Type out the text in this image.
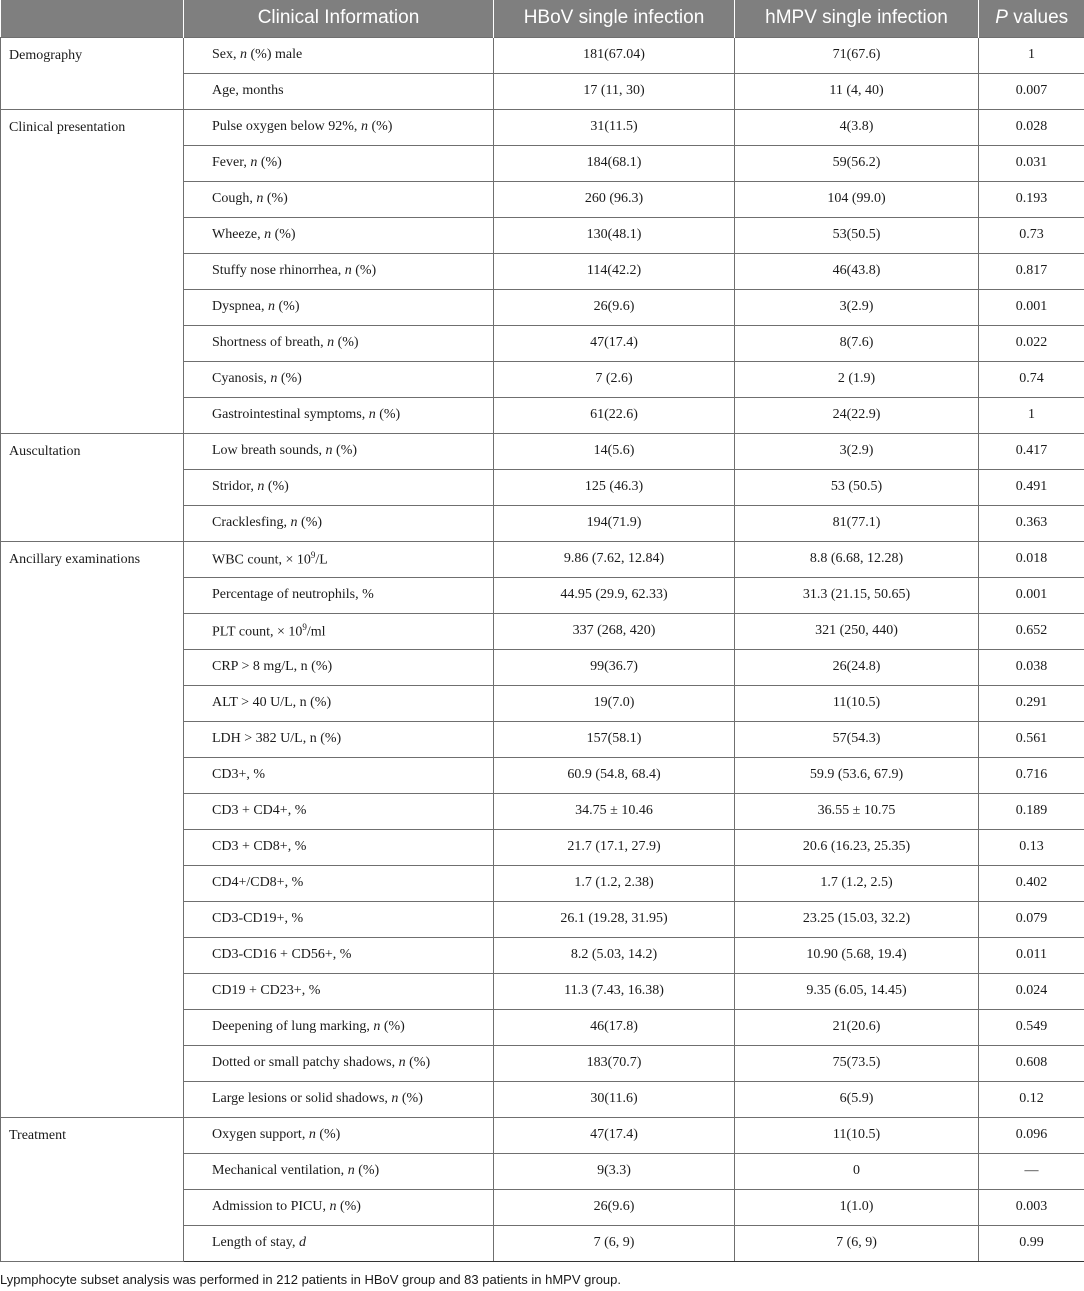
	Clinical Information	HBoV single infection	hMPV single infection	P values
Demography	Sex, n (%) male	181(67.04)	71(67.6)	1
	Age, months	17 (11, 30)	11 (4, 40)	0.007
Clinical presentation	Pulse oxygen below 92%, n (%)	31(11.5)	4(3.8)	0.028
	Fever, n (%)	184(68.1)	59(56.2)	0.031
	Cough, n (%)	260 (96.3)	104 (99.0)	0.193
	Wheeze, n (%)	130(48.1)	53(50.5)	0.73
	Stuffy nose rhinorrhea, n (%)	114(42.2)	46(43.8)	0.817
	Dyspnea, n (%)	26(9.6)	3(2.9)	0.001
	Shortness of breath, n (%)	47(17.4)	8(7.6)	0.022
	Cyanosis, n (%)	7 (2.6)	2 (1.9)	0.74
	Gastrointestinal symptoms, n (%)	61(22.6)	24(22.9)	1
Auscultation	Low breath sounds, n (%)	14(5.6)	3(2.9)	0.417
	Stridor, n (%)	125 (46.3)	53 (50.5)	0.491
	Cracklesfing, n (%)	194(71.9)	81(77.1)	0.363
Ancillary examinations	WBC count, × $10^9/L$	9.86 (7.62, 12.84)	8.8 (6.68, 12.28)	0.018
	Percentage of neutrophils, %	44.95 (29.9, 62.33)	31.3 (21.15, 50.65)	0.001
	PLT count, × $10^9/ml$	337 (268, 420)	321 (250, 440)	0.652
	CRP > 8 mg/L, n (%)	99(36.7)	26(24.8)	0.038
	ALT > 40 U/L, n (%)	19(7.0)	11(10.5)	0.291
	LDH > 382 U/L, n (%)	157(58.1)	57(54.3)	0.561
	CD3+, %	60.9 (54.8, 68.4)	59.9 (53.6, 67.9)	0.716
	CD3 + CD4+, %	34.75 ± 10.46	36.55 ± 10.75	0.189
	CD3 + CD8+, %	21.7 (17.1, 27.9)	20.6 (16.23, 25.35)	0.13
	CD4+/CD8+, %	1.7 (1.2, 2.38)	1.7 (1.2, 2.5)	0.402
	CD3-CD19+, %	26.1 (19.28, 31.95)	23.25 (15.03, 32.2)	0.079
	CD3-CD16 + CD56+, %	8.2 (5.03, 14.2)	10.90 (5.68, 19.4)	0.011
	CD19 + CD23+, %	11.3 (7.43, 16.38)	9.35 (6.05, 14.45)	0.024
	Deepening of lung marking, n (%)	46(17.8)	21(20.6)	0.549
	Dotted or small patchy shadows, n (%)	183(70.7)	75(73.5)	0.608
	Large lesions or solid shadows, n (%)	30(11.6)	6(5.9)	0.12
Treatment	Oxygen support, n (%)	47(17.4)	11(10.5)	0.096
	Mechanical ventilation, n (%)	9(3.3)	0	—
	Admission to PICU, n (%)	26(9.6)	1(1.0)	0.003
	Length of stay, d	7 (6, 9)	7 (6, 9)	0.99
Lypmphocyte subset analysis was performed in 212 patients in HBoV group and 83 patients in hMPV group.
